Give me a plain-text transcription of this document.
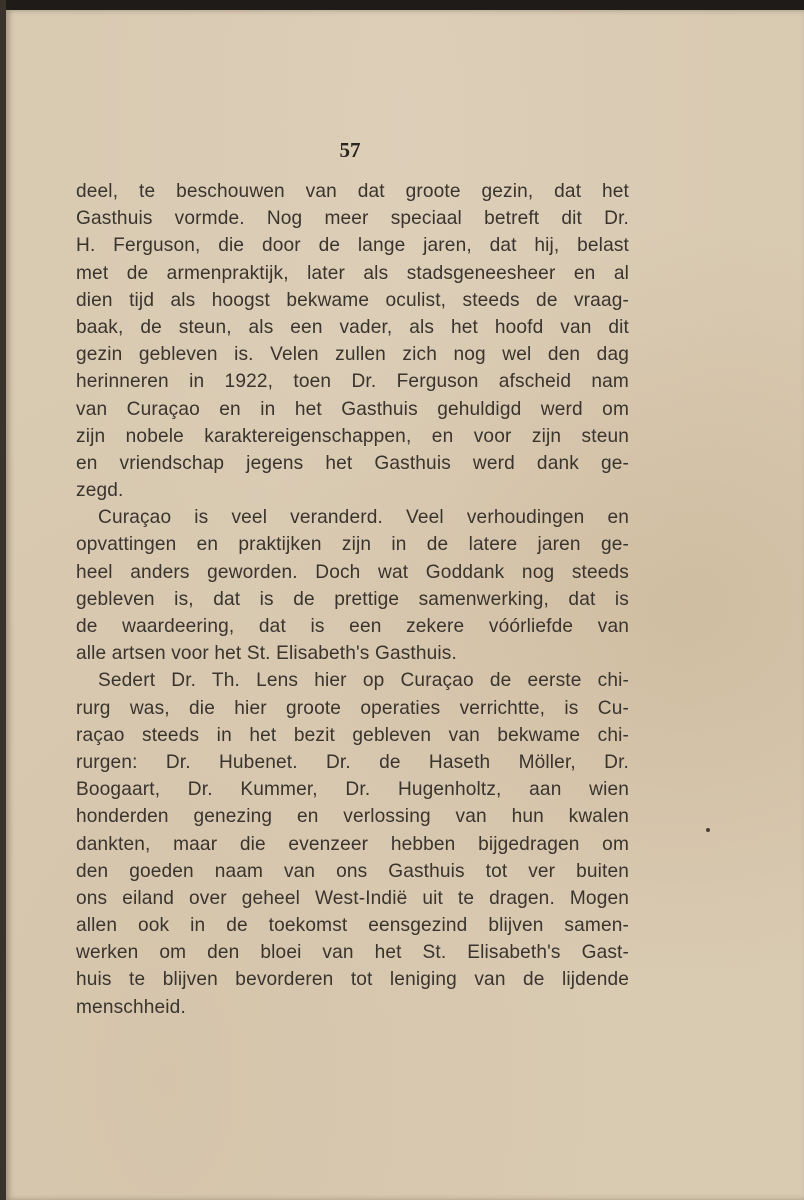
57
deel, te beschouwen van dat groote gezin, dat het
Gasthuis vormde. Nog meer speciaal betreft dit Dr.
H. Ferguson, die door de lange jaren, dat hij, belast
met de armenpraktijk, later als stadsgeneesheer en al
dien tijd als hoogst bekwame oculist, steeds de vraag-
baak, de steun, als een vader, als het hoofd van dit
gezin gebleven is. Velen zullen zich nog wel den dag
herinneren in 1922, toen Dr. Ferguson afscheid nam
van Curaçao en in het Gasthuis gehuldigd werd om
zijn nobele karaktereigenschappen, en voor zijn steun
en vriendschap jegens het Gasthuis werd dank ge-
zegd.
Curaçao is veel veranderd. Veel verhoudingen en
opvattingen en praktijken zijn in de latere jaren ge-
heel anders geworden. Doch wat Goddank nog steeds
gebleven is, dat is de prettige samenwerking, dat is
de waardeering, dat is een zekere vóórliefde van
alle artsen voor het St. Elisabeth's Gasthuis.
Sedert Dr. Th. Lens hier op Curaçao de eerste chi-
rurg was, die hier groote operaties verrichtte, is Cu-
raçao steeds in het bezit gebleven van bekwame chi-
rurgen: Dr. Hubenet. Dr. de Haseth Möller, Dr.
Boogaart, Dr. Kummer, Dr. Hugenholtz, aan wien
honderden genezing en verlossing van hun kwalen
dankten, maar die evenzeer hebben bijgedragen om
den goeden naam van ons Gasthuis tot ver buiten
ons eiland over geheel West-Indië uit te dragen. Mogen
allen ook in de toekomst eensgezind blijven samen-
werken om den bloei van het St. Elisabeth's Gast-
huis te blijven bevorderen tot leniging van de lijdende
menschheid.
